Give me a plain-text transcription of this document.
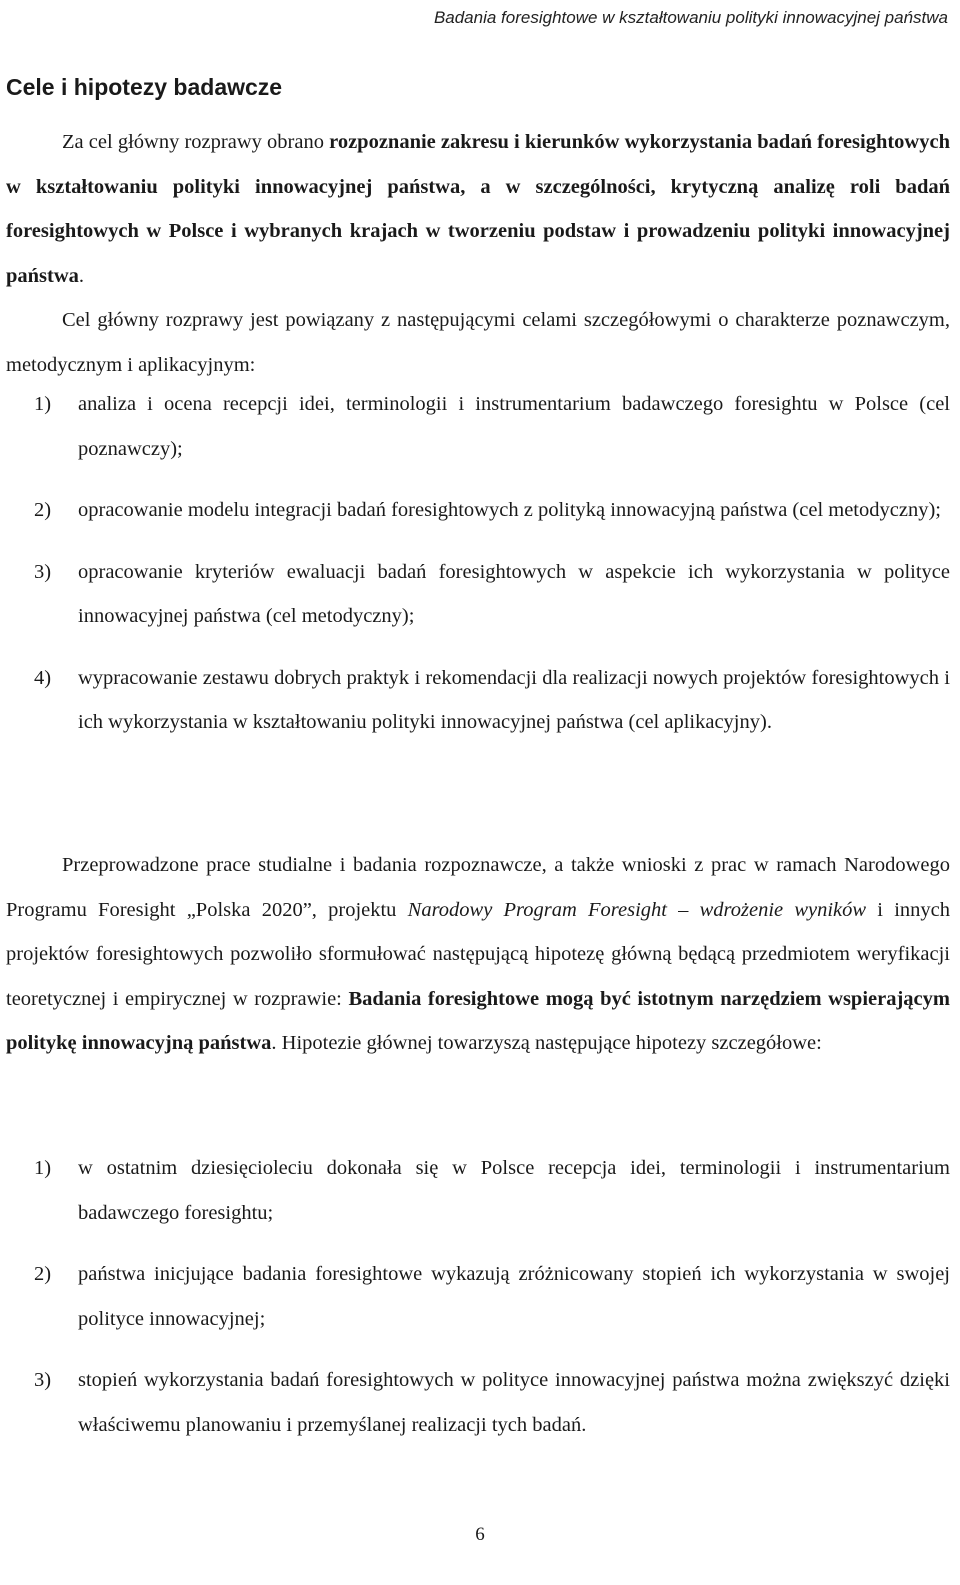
Badania foresightowe w kształtowaniu polityki innowacyjnej państwa
Cele i hipotezy badawcze

Za cel główny rozprawy obrano rozpoznanie zakresu i kierunków wykorzystania badań foresightowych w kształtowaniu polityki innowacyjnej państwa, a w szczególności, krytyczną analizę roli badań foresightowych w Polsce i wybranych krajach w tworzeniu podstaw i prowadzeniu polityki innowacyjnej państwa.

Cel główny rozprawy jest powiązany z następującymi celami szczegółowymi o charakterze poznawczym, metodycznym i aplikacyjnym:

1) analiza i ocena recepcji idei, terminologii i instrumentarium badawczego foresightu w Polsce (cel poznawczy);
2) opracowanie modelu integracji badań foresightowych z polityką innowacyjną państwa (cel metodyczny);
3) opracowanie kryteriów ewaluacji badań foresightowych w aspekcie ich wykorzystania w polityce innowacyjnej państwa (cel metodyczny);
4) wypracowanie zestawu dobrych praktyk i rekomendacji dla realizacji nowych projektów foresightowych i ich wykorzystania w kształtowaniu polityki innowacyjnej państwa (cel aplikacyjny).

Przeprowadzone prace studialne i badania rozpoznawcze, a także wnioski z prac w ramach Narodowego Programu Foresight „Polska 2020”, projektu Narodowy Program Foresight – wdrożenie wyników i innych projektów foresightowych pozwoliło sformułować następującą hipotezę główną będącą przedmiotem weryfikacji teoretycznej i empirycznej w rozprawie: Badania foresightowe mogą być istotnym narzędziem wspierającym politykę innowacyjną państwa. Hipotezie głównej towarzyszą następujące hipotezy szczegółowe:

1) w ostatnim dziesięcioleciu dokonała się w Polsce recepcja idei, terminologii i instrumentarium badawczego foresightu;
2) państwa inicjujące badania foresightowe wykazują zróżnicowany stopień ich wykorzystania w swojej polityce innowacyjnej;
3) stopień wykorzystania badań foresightowych w polityce innowacyjnej państwa można zwiększyć dzięki właściwemu planowaniu i przemyślanej realizacji tych badań.
6
